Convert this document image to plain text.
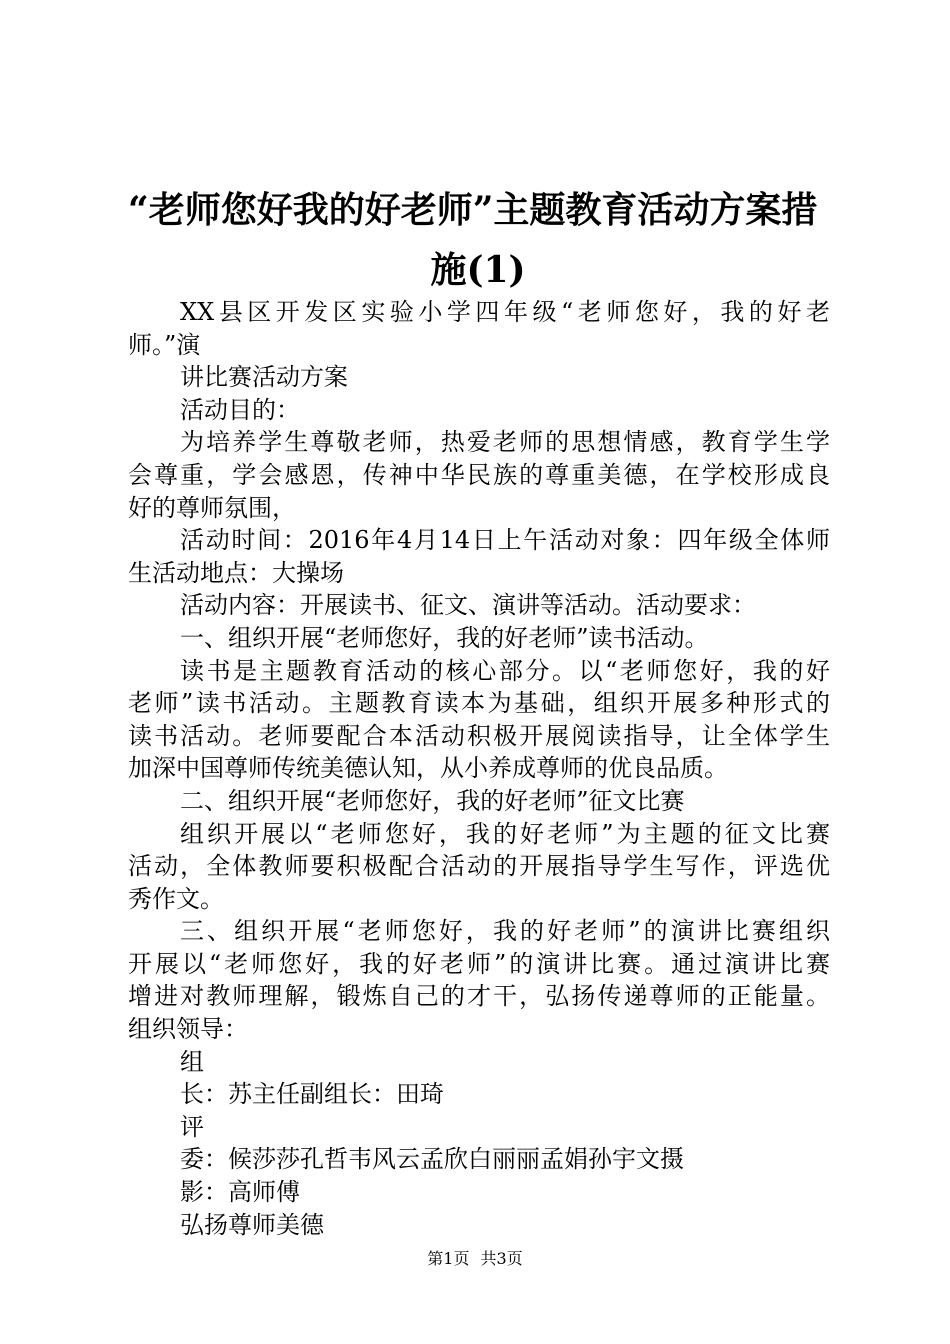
“老师您好我的好老师”主题教育活动方案措
施(1)

XX县区开发区实验小学四年级“老师您好，我的好老

师。”演

讲比赛活动方案

活动目的：

为培养学生尊敬老师，热爱老师的思想情感，教育学生学

会尊重，学会感恩，传神中华民族的尊重美德，在学校形成良

好的尊师氛围，

活动时间：2016年4月14日上午活动对象：四年级全体师

生活动地点：大操场

活动内容：开展读书、征文、演讲等活动。活动要求：

一、组织开展“老师您好，我的好老师”读书活动。

读书是主题教育活动的核心部分。以“老师您好，我的好

老师”读书活动。主题教育读本为基础，组织开展多种形式的

读书活动。老师要配合本活动积极开展阅读指导，让全体学生

加深中国尊师传统美德认知，从小养成尊师的优良品质。

二、组织开展“老师您好，我的好老师”征文比赛

组织开展以“老师您好，我的好老师”为主题的征文比赛

活动，全体教师要积极配合活动的开展指导学生写作，评选优

秀作文。

三、组织开展“老师您好，我的好老师”的演讲比赛组织

开展以“老师您好，我的好老师”的演讲比赛。通过演讲比赛

增进对教师理解，锻炼自己的才干，弘扬传递尊师的正能量。

组织领导：

组

长：苏主任副组长：田琦

评

委：候莎莎孔哲韦风云孟欣白丽丽孟娟孙宇文摄

影：高师傅

弘扬尊师美德

第1页 共3页
